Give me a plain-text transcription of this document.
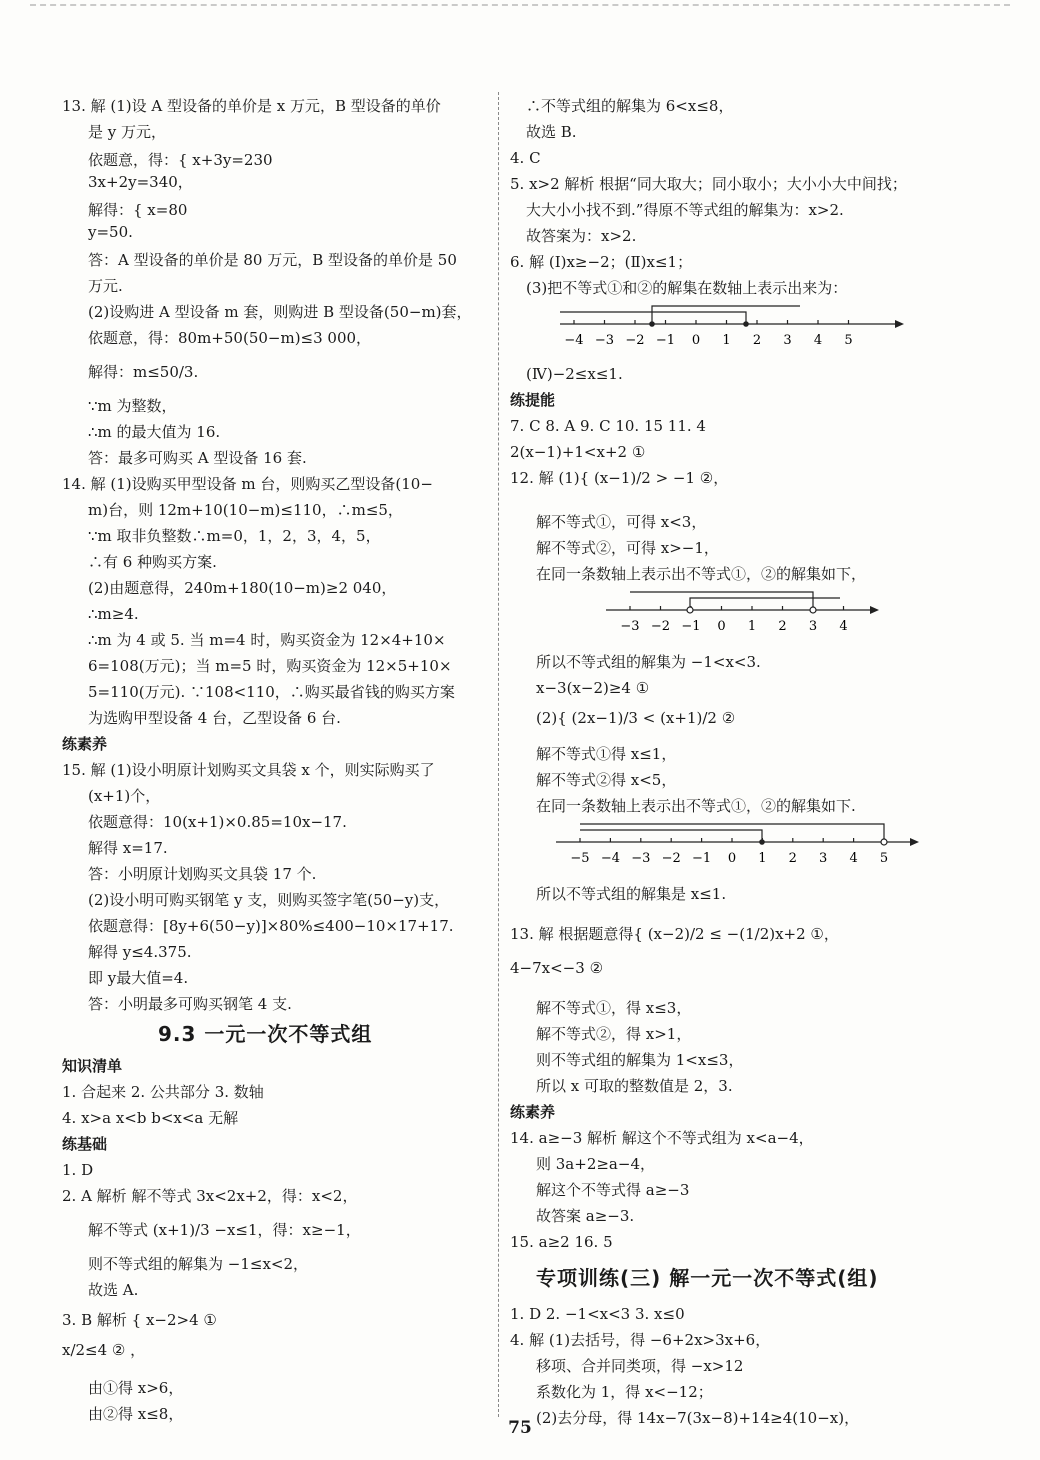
13. 解 (1)设 A 型设备的单价是 x 万元，B 型设备的单价
是 y 万元，
依题意，得：{ x+3y=230
3x+2y=340，
解得：{ x=80
y=50.
答：A 型设备的单价是 80 万元，B 型设备的单价是 50
万元.
(2)设购进 A 型设备 m 套，则购进 B 型设备(50−m)套，
依题意，得：80m+50(50−m)≤3 000，
解得：m≤50/3.
∵m 为整数，
∴m 的最大值为 16.
答：最多可购买 A 型设备 16 套.
14. 解 (1)设购买甲型设备 m 台，则购买乙型设备(10−
m)台，则 12m+10(10−m)≤110，∴m≤5，
∵m 取非负整数∴m=0，1，2，3，4，5，
∴有 6 种购买方案.
(2)由题意得，240m+180(10−m)≥2 040，
∴m≥4.
∴m 为 4 或 5. 当 m=4 时，购买资金为 12×4+10×
6=108(万元)；当 m=5 时，购买资金为 12×5+10×
5=110(万元). ∵108<110，∴购买最省钱的购买方案
为选购甲型设备 4 台，乙型设备 6 台.
练素养
15. 解 (1)设小明原计划购买文具袋 x 个，则实际购买了
(x+1)个，
依题意得：10(x+1)×0.85=10x−17.
解得 x=17.
答：小明原计划购买文具袋 17 个.
(2)设小明可购买钢笔 y 支，则购买签字笔(50−y)支，
依题意得：[8y+6(50−y)]×80%≤400−10×17+17.
解得 y≤4.375.
即 y最大值=4.
答：小明最多可购买钢笔 4 支.
9.3 一元一次不等式组
知识清单
1. 合起来 2. 公共部分 3. 数轴
4. x>a x<b b<x<a 无解
练基础
1. D
2. A 解析 解不等式 3x<2x+2，得：x<2，
解不等式 (x+1)/3 −x≤1，得：x≥−1，
则不等式组的解集为 −1≤x<2，
故选 A.
3. B 解析 { x−2>4 ①
x/2≤4 ② ，
由①得 x>6，
由②得 x≤8，
−4 −3 −2 −1 0 1 2 3 4 5
−3 −2 −1 0 1 2 3 4
−5 −4 −3 −2 −1 0 1 2 3 4 5
∴不等式组的解集为 6<x≤8，
故选 B.
4. C
5. x>2 解析 根据“同大取大；同小取小；大小小大中间找；
大大小小找不到.”得原不等式组的解集为：x>2.
故答案为：x>2.
6. 解 (Ⅰ)x≥−2；(Ⅱ)x≤1；
(3)把不等式①和②的解集在数轴上表示出来为：
(Ⅳ)−2≤x≤1.
练提能
7. C 8. A 9. C 10. 15 11. 4
2(x−1)+1<x+2 ①
12. 解 (1){ (x−1)/2 > −1 ②，
解不等式①，可得 x<3，
解不等式②，可得 x>−1，
在同一条数轴上表示出不等式①，②的解集如下，
所以不等式组的解集为 −1<x<3.
x−3(x−2)≥4 ①
(2){ (2x−1)/3 < (x+1)/2 ②
解不等式①得 x≤1，
解不等式②得 x<5，
在同一条数轴上表示出不等式①，②的解集如下.
所以不等式组的解集是 x≤1.
13. 解 根据题意得{ (x−2)/2 ≤ −(1/2)x+2 ①，
4−7x<−3 ②
解不等式①，得 x≤3，
解不等式②，得 x>1，
则不等式组的解集为 1<x≤3，
所以 x 可取的整数值是 2，3.
练素养
14. a≥−3 解析 解这个不等式组为 x<a−4，
则 3a+2≥a−4，
解这个不等式得 a≥−3
故答案 a≥−3.
15. a≥2 16. 5
专项训练(三) 解一元一次不等式(组)
1. D 2. −1<x<3 3. x≤0
4. 解 (1)去括号，得 −6+2x>3x+6，
移项、合并同类项，得 −x>12
系数化为 1，得 x<−12；
(2)去分母，得 14x−7(3x−8)+14≥4(10−x)，
75
